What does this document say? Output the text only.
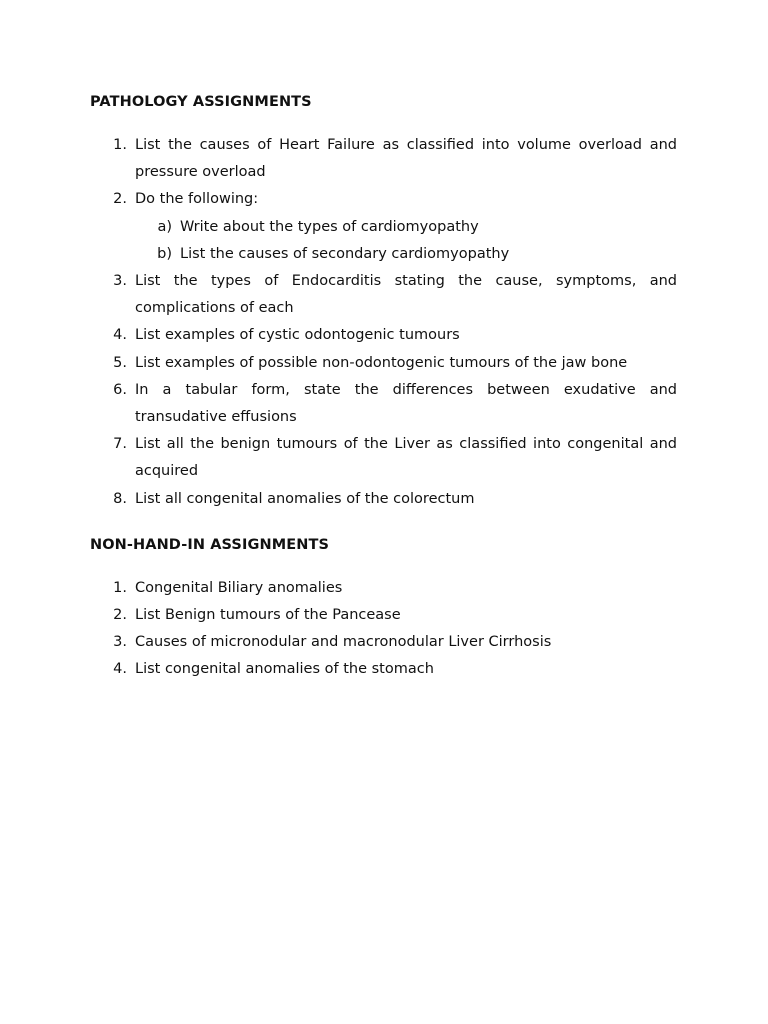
PATHOLOGY ASSIGNMENTS
1. List the causes of Heart Failure as classified into volume overload and pressure overload
2. Do the following:
a) Write about the types of cardiomyopathy
b) List the causes of secondary cardiomyopathy
3. List the types of Endocarditis stating the cause, symptoms, and complications of each
4. List examples of cystic odontogenic tumours
5. List examples of possible non-odontogenic tumours of the jaw bone
6. In a tabular form, state the differences between exudative and transudative effusions
7. List all the benign tumours of the Liver as classified into congenital and acquired
8. List all congenital anomalies of the colorectum
NON-HAND-IN ASSIGNMENTS
1. Congenital Biliary anomalies
2. List Benign tumours of the Pancease
3. Causes of micronodular and macronodular Liver Cirrhosis
4. List congenital anomalies of the stomach
